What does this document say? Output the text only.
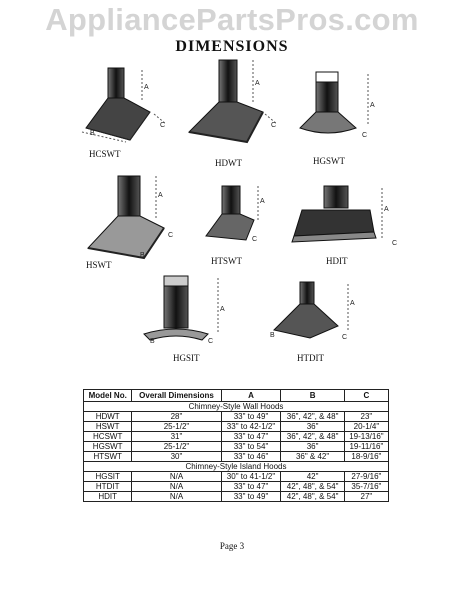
AppliancePartsPros.com
DIMENSIONS
A
B
C
HCSWT
A
C
HDWT
A
C
HGSWT
A
B
C
HSWT
A
C
HTSWT
A
C
HDIT
A
B	C
HGSIT
A
B	C
HTDIT
Model No.	Overall Dimensions	A	B	C
Chimney-Style Wall Hoods				
HDWT	28"	33" to 49"	36", 42", & 48"	23"
HSWT	25-1/2"	33" to 42-1/2"	36"	20-1/4"
HCSWT	31"	33" to 47"	36", 42", & 48"	19-13/16"
HGSWT	25-1/2"	33" to 54"	36"	19-11/16"
HTSWT	30"	33" to 46"	36" & 42"	18-9/16"
Chimney-Style Island Hoods				
HGSIT	N/A	30" to 41-1/2"	42"	27-9/16"
HTDIT	N/A	33" to 47"	42", 48", & 54"	35-7/16"
HDIT	N/A	33" to 49"	42", 48", & 54"	27"
Page 3
